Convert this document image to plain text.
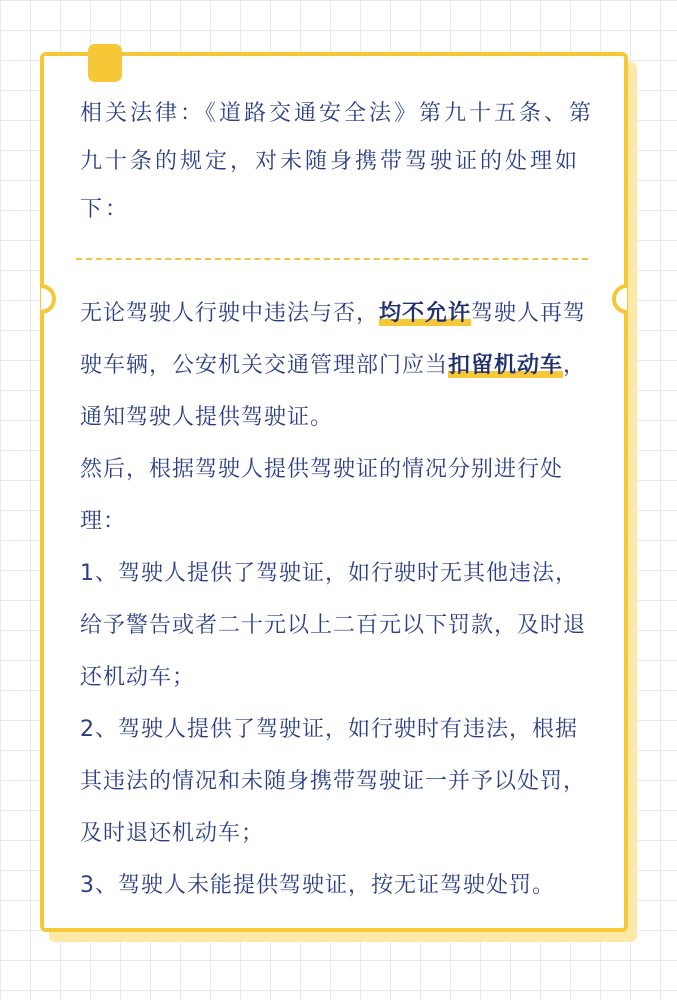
相关法律：《道路交通安全法》第九十五条、第九十条的规定，对未随身携带驾驶证的处理如下：

无论驾驶人行驶中违法与否，均不允许驾驶人再驾驶车辆，公安机关交通管理部门应当扣留机动车，通知驾驶人提供驾驶证。

然后，根据驾驶人提供驾驶证的情况分别进行处理：

1、驾驶人提供了驾驶证，如行驶时无其他违法，给予警告或者二十元以上二百元以下罚款，及时退还机动车；

2、驾驶人提供了驾驶证，如行驶时有违法，根据其违法的情况和未随身携带驾驶证一并予以处罚，及时退还机动车；

3、驾驶人未能提供驾驶证，按无证驾驶处罚。
